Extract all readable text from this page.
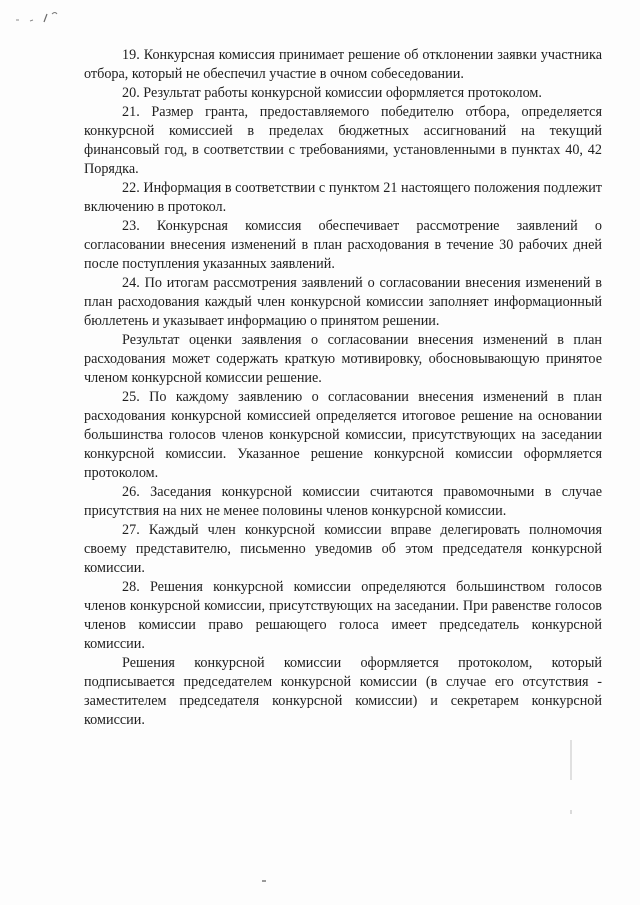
19. Конкурсная комиссия принимает решение об отклонении заявки участника отбора, который не обеспечил участие в очном собеседовании.

20. Результат работы конкурсной комиссии оформляется протоколом.

21. Размер гранта, предоставляемого победителю отбора, определяется конкурсной комиссией в пределах бюджетных ассигнований на текущий финансовый год, в соответствии с требованиями, установленными в пунктах 40, 42 Порядка.

22. Информация в соответствии с пунктом 21 настоящего положения подлежит включению в протокол.

23. Конкурсная комиссия обеспечивает рассмотрение заявлений о согласовании внесения изменений в план расходования в течение 30 рабочих дней после поступления указанных заявлений.

24. По итогам рассмотрения заявлений о согласовании внесения изменений в план расходования каждый член конкурсной комиссии заполняет информационный бюллетень и указывает информацию о принятом решении.

Результат оценки заявления о согласовании внесения изменений в план расходования может содержать краткую мотивировку, обосновывающую принятое членом конкурсной комиссии решение.

25. По каждому заявлению о согласовании внесения изменений в план расходования конкурсной комиссией определяется итоговое решение на основании большинства голосов членов конкурсной комиссии, присутствующих на заседании конкурсной комиссии. Указанное решение конкурсной комиссии оформляется протоколом.

26. Заседания конкурсной комиссии считаются правомочными в случае присутствия на них не менее половины членов конкурсной комиссии.

27. Каждый член конкурсной комиссии вправе делегировать полномочия своему представителю, письменно уведомив об этом председателя конкурсной комиссии.

28. Решения конкурсной комиссии определяются большинством голосов членов конкурсной комиссии, присутствующих на заседании. При равенстве голосов членов комиссии право решающего голоса имеет председатель конкурсной комиссии.

Решения конкурсной комиссии оформляется протоколом, который подписывается председателем конкурсной комиссии (в случае его отсутствия - заместителем председателя конкурсной комиссии) и секретарем конкурсной комиссии.
